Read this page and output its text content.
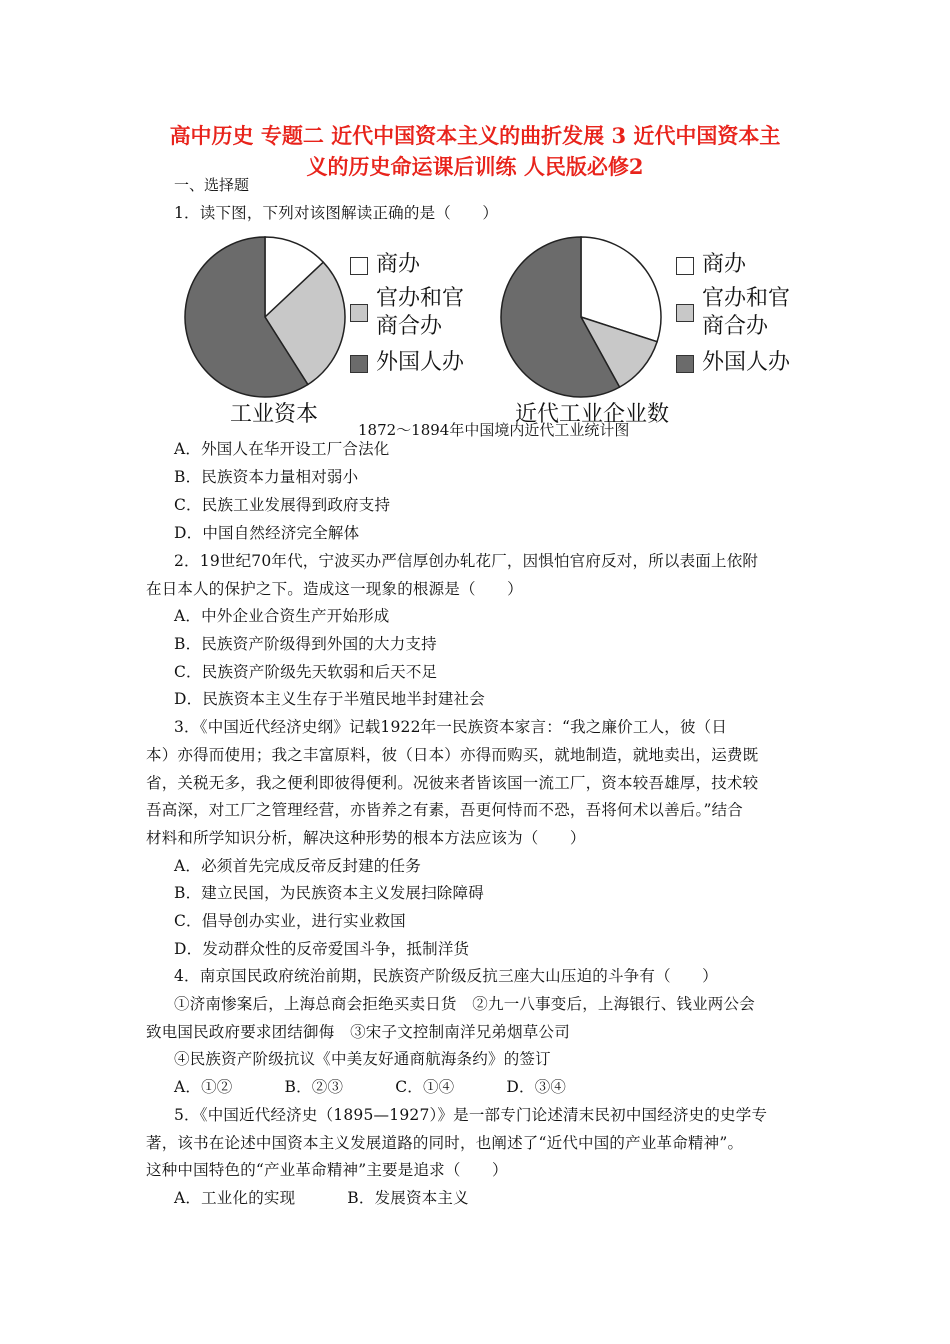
高中历史 专题二 近代中国资本主义的曲折发展 3 近代中国资本主
义的历史命运课后训练 人民版必修2
一、选择题
1．读下图，下列对该图解读正确的是（　　）
商办
官办和官
商合办
外国人办
工业资本
商办
官办和官
商合办
外国人办
近代工业企业数
1872～1894年中国境内近代工业统计图
A．外国人在华开设工厂合法化
B．民族资本力量相对弱小
C．民族工业发展得到政府支持
D．中国自然经济完全解体
2．19世纪70年代，宁波买办严信厚创办轧花厂，因惧怕官府反对，所以表面上依附
在日本人的保护之下。造成这一现象的根源是（　　）
A．中外企业合资生产开始形成
B．民族资产阶级得到外国的大力支持
C．民族资产阶级先天软弱和后天不足
D．民族资本主义生存于半殖民地半封建社会
3．《中国近代经济史纲》记载1922年一民族资本家言：“我之廉价工人，彼（日
本）亦得而使用；我之丰富原料，彼（日本）亦得而购买，就地制造，就地卖出，运费既
省，关税无多，我之便利即彼得便利。况彼来者皆该国一流工厂，资本较吾雄厚，技术较
吾高深，对工厂之管理经营，亦皆养之有素，吾更何恃而不恐，吾将何术以善后。”结合
材料和所学知识分析，解决这种形势的根本方法应该为（　　）
A．必须首先完成反帝反封建的任务
B．建立民国，为民族资本主义发展扫除障碍
C．倡导创办实业，进行实业救国
D．发动群众性的反帝爱国斗争，抵制洋货
4．南京国民政府统治前期，民族资产阶级反抗三座大山压迫的斗争有（　　）
①济南惨案后，上海总商会拒绝买卖日货　②九一八事变后，上海银行、钱业两公会
致电国民政府要求团结御侮　③宋子文控制南洋兄弟烟草公司
④民族资产阶级抗议《中美友好通商航海条约》的签订
A．①②	B．②③	C．①④	D．③④
5．《中国近代经济史（1895—1927）》是一部专门论述清末民初中国经济史的史学专
著，该书在论述中国资本主义发展道路的同时，也阐述了“近代中国的产业革命精神”。
这种中国特色的“产业革命精神”主要是追求（　　）
A．工业化的实现	B．发展资本主义
